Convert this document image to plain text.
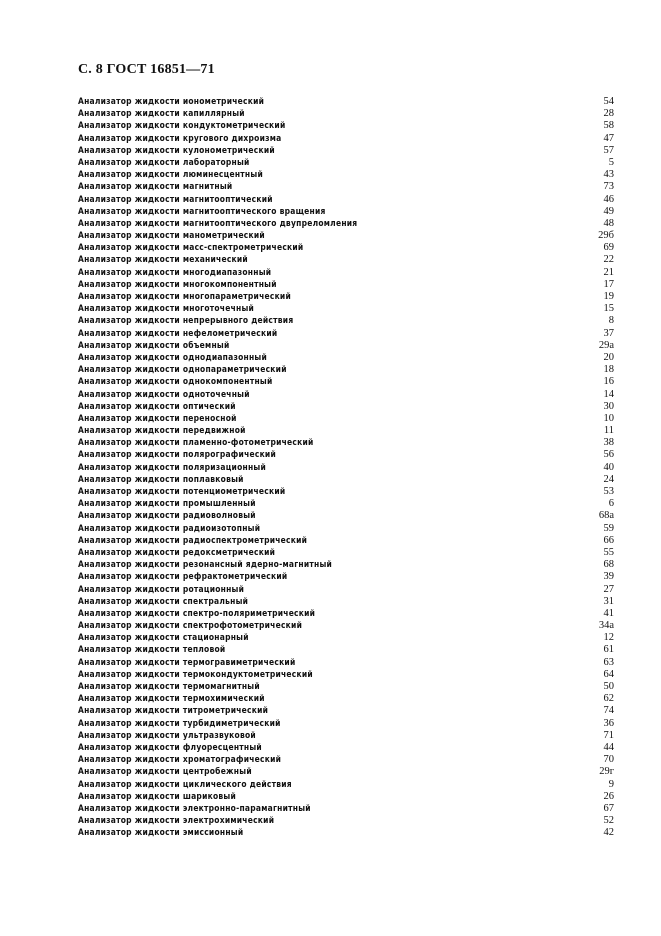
С. 8 ГОСТ 16851—71
Анализатор жидкости ионометрический	54
Анализатор жидкости капиллярный	28
Анализатор жидкости кондуктометрический	58
Анализатор жидкости кругового дихроизма	47
Анализатор жидкости кулонометрический	57
Анализатор жидкости лабораторный	5
Анализатор жидкости люминесцентный	43
Анализатор жидкости магнитный	73
Анализатор жидкости магнитооптический	46
Анализатор жидкости магнитооптического вращения	49
Анализатор жидкости магнитооптического двупреломления	48
Анализатор жидкости манометрический	29б
Анализатор жидкости масс-спектрометрический	69
Анализатор жидкости механический	22
Анализатор жидкости многодиапазонный	21
Анализатор жидкости многокомпонентный	17
Анализатор жидкости многопараметрический	19
Анализатор жидкости многоточечный	15
Анализатор жидкости непрерывного действия	8
Анализатор жидкости нефелометрический	37
Анализатор жидкости объемный	29а
Анализатор жидкости однодиапазонный	20
Анализатор жидкости однопараметрический	18
Анализатор жидкости однокомпонентный	16
Анализатор жидкости одноточечный	14
Анализатор жидкости оптический	30
Анализатор жидкости переносной	10
Анализатор жидкости передвижной	11
Анализатор жидкости пламенно-фотометрический	38
Анализатор жидкости полярографический	56
Анализатор жидкости поляризационный	40
Анализатор жидкости поплавковый	24
Анализатор жидкости потенциометрический	53
Анализатор жидкости промышленный	6
Анализатор жидкости радиоволновый	68а
Анализатор жидкости радиоизотопный	59
Анализатор жидкости радиоспектрометрический	66
Анализатор жидкости редоксметрический	55
Анализатор жидкости резонансный ядерно-магнитный	68
Анализатор жидкости рефрактометрический	39
Анализатор жидкости ротационный	27
Анализатор жидкости спектральный	31
Анализатор жидкости спектро-поляриметрический	41
Анализатор жидкости спектрофотометрический	34а
Анализатор жидкости стационарный	12
Анализатор жидкости тепловой	61
Анализатор жидкости термогравиметрический	63
Анализатор жидкости термокондуктометрический	64
Анализатор жидкости термомагнитный	50
Анализатор жидкости термохимический	62
Анализатор жидкости титрометрический	74
Анализатор жидкости турбидиметрический	36
Анализатор жидкости ультразвуковой	71
Анализатор жидкости флуоресцентный	44
Анализатор жидкости хроматографический	70
Анализатор жидкости центробежный	29г
Анализатор жидкости циклического действия	9
Анализатор жидкости шариковый	26
Анализатор жидкости электронно-парамагнитный	67
Анализатор жидкости электрохимический	52
Анализатор жидкости эмиссионный	42
